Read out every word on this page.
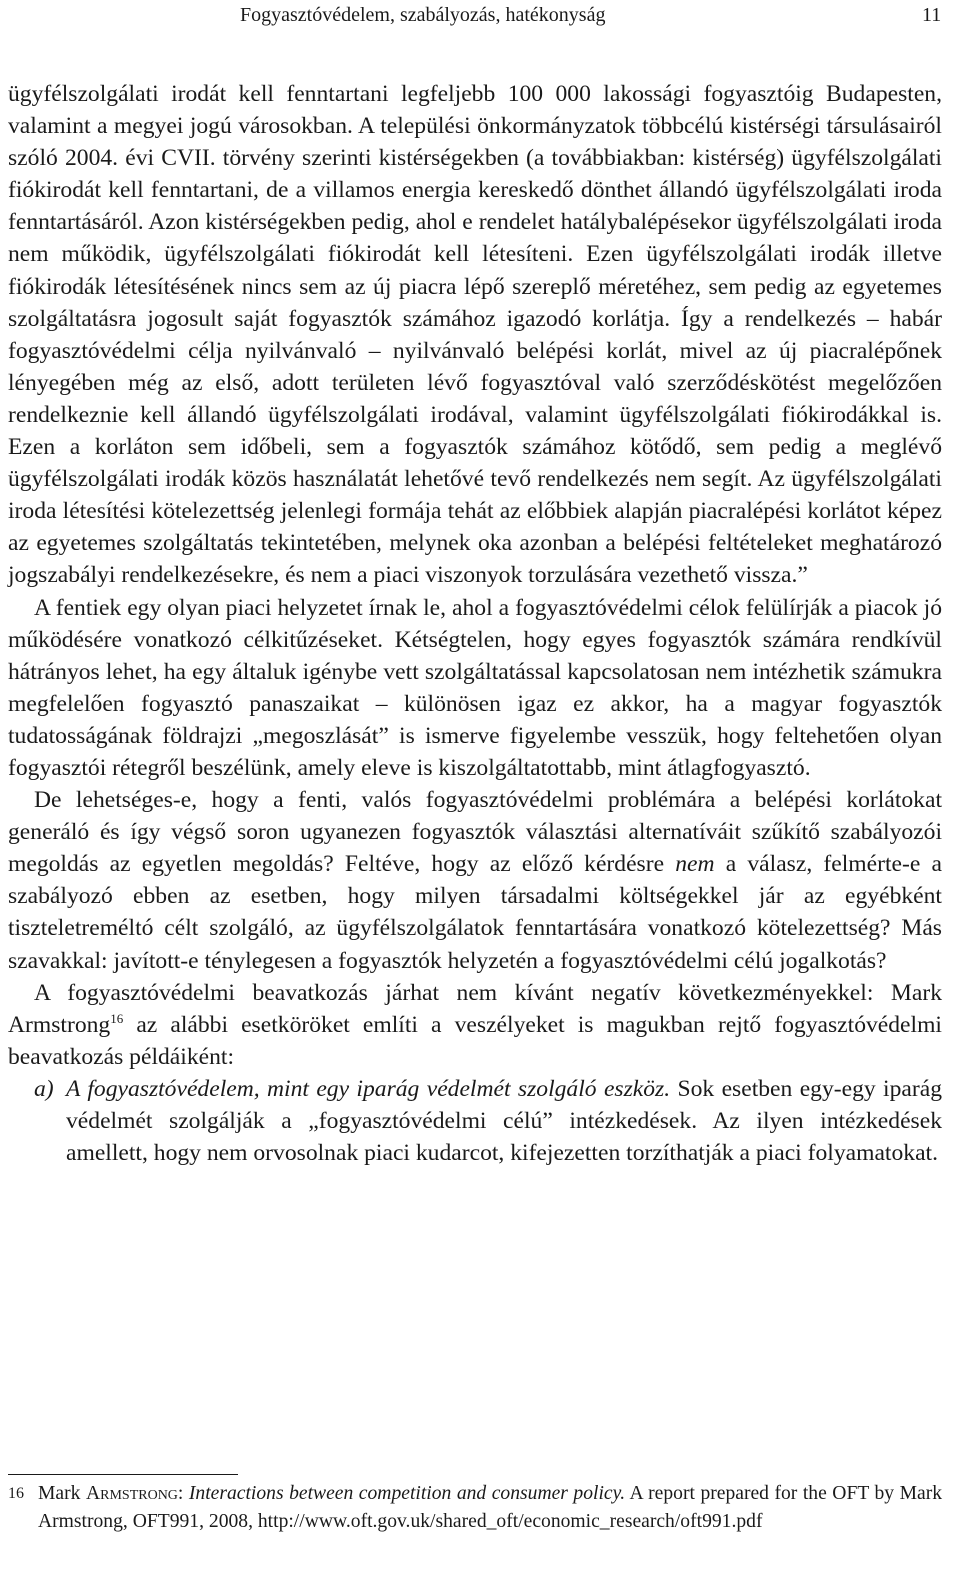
Fogyasztóvédelem, szabályozás, hatékonyság	11

ügyfélszolgálati irodát kell fenntartani legfeljebb 100 000 lakossági fogyasztóig Budapesten, valamint a megyei jogú városokban. A települési önkormányzatok többcélú kistérségi társulásairól szóló 2004. évi CVII. törvény szerinti kistérségekben (a továbbiakban: kistérség) ügyfélszolgálati fiókirodát kell fenntartani, de a villamos energia kereskedő dönthet állandó ügyfélszolgálati iroda fenntartásáról. Azon kistérségekben pedig, ahol e rendelet hatálybalépésekor ügyfélszolgálati iroda nem működik, ügyfélszolgálati fiókirodát kell létesíteni. Ezen ügyfélszolgálati irodák illetve fiókirodák létesítésének nincs sem az új piacra lépő szereplő méretéhez, sem pedig az egyetemes szolgáltatásra jogosult saját fogyasztók számához igazodó korlátja. Így a rendelkezés – habár fogyasztóvédelmi célja nyilvánvaló – nyilvánvaló belépési korlát, mivel az új piacralépőnek lényegében még az első, adott területen lévő fogyasztóval való szerződéskötést megelőzően rendelkeznie kell állandó ügyfélszolgálati irodával, valamint ügyfélszolgálati fiókirodákkal is. Ezen a korláton sem időbeli, sem a fogyasztók számához kötődő, sem pedig a meglévő ügyfélszolgálati irodák közös használatát lehetővé tevő rendelkezés nem segít. Az ügyfélszolgálati iroda létesítési kötelezettség jelenlegi formája tehát az előbbiek alapján piacralépési korlátot képez az egyetemes szolgáltatás tekintetében, melynek oka azonban a belépési feltételeket meghatározó jogszabályi rendelkezésekre, és nem a piaci viszonyok torzulására vezethető vissza.”

A fentiek egy olyan piaci helyzetet írnak le, ahol a fogyasztóvédelmi célok felülírják a piacok jó működésére vonatkozó célkitűzéseket. Kétségtelen, hogy egyes fogyasztók számára rendkívül hátrányos lehet, ha egy általuk igénybe vett szolgáltatással kapcsolatosan nem intézhetik számukra megfelelően fogyasztó panaszaikat – különösen igaz ez akkor, ha a magyar fogyasztók tudatosságának földrajzi „megoszlását” is ismerve figyelembe vesszük, hogy feltehetően olyan fogyasztói rétegről beszélünk, amely eleve is kiszolgáltatottabb, mint átlagfogyasztó.

De lehetséges-e, hogy a fenti, valós fogyasztóvédelmi problémára a belépési korlátokat generáló és így végső soron ugyanezen fogyasztók választási alternatíváit szűkítő szabályozói megoldás az egyetlen megoldás? Feltéve, hogy az előző kérdésre nem a válasz, felmérte-e a szabályozó ebben az esetben, hogy milyen társadalmi költségekkel jár az egyébként tiszteletreméltó célt szolgáló, az ügyfélszolgálatok fenntartására vonatkozó kötelezettség? Más szavakkal: javított-e ténylegesen a fogyasztók helyzetén a fogyasztóvédelmi célú jogalkotás?

A fogyasztóvédelmi beavatkozás járhat nem kívánt negatív következményekkel: Mark Armstrong$^{16}$ az alábbi esetköröket említi a veszélyeket is magukban rejtő fogyasztóvédelmi beavatkozás példáiként:

a) A fogyasztóvédelem, mint egy iparág védelmét szolgáló eszköz. Sok esetben egy-egy iparág védelmét szolgálják a „fogyasztóvédelmi célú” intézkedések. Az ilyen intézkedések amellett, hogy nem orvosolnak piaci kudarcot, kifejezetten torzíthatják a piaci folyamatokat.

16 Mark Armstrong: Interactions between competition and consumer policy. A report prepared for the OFT by Mark Armstrong, OFT991, 2008, http://www.oft.gov.uk/shared_oft/economic_research/oft991.pdf
